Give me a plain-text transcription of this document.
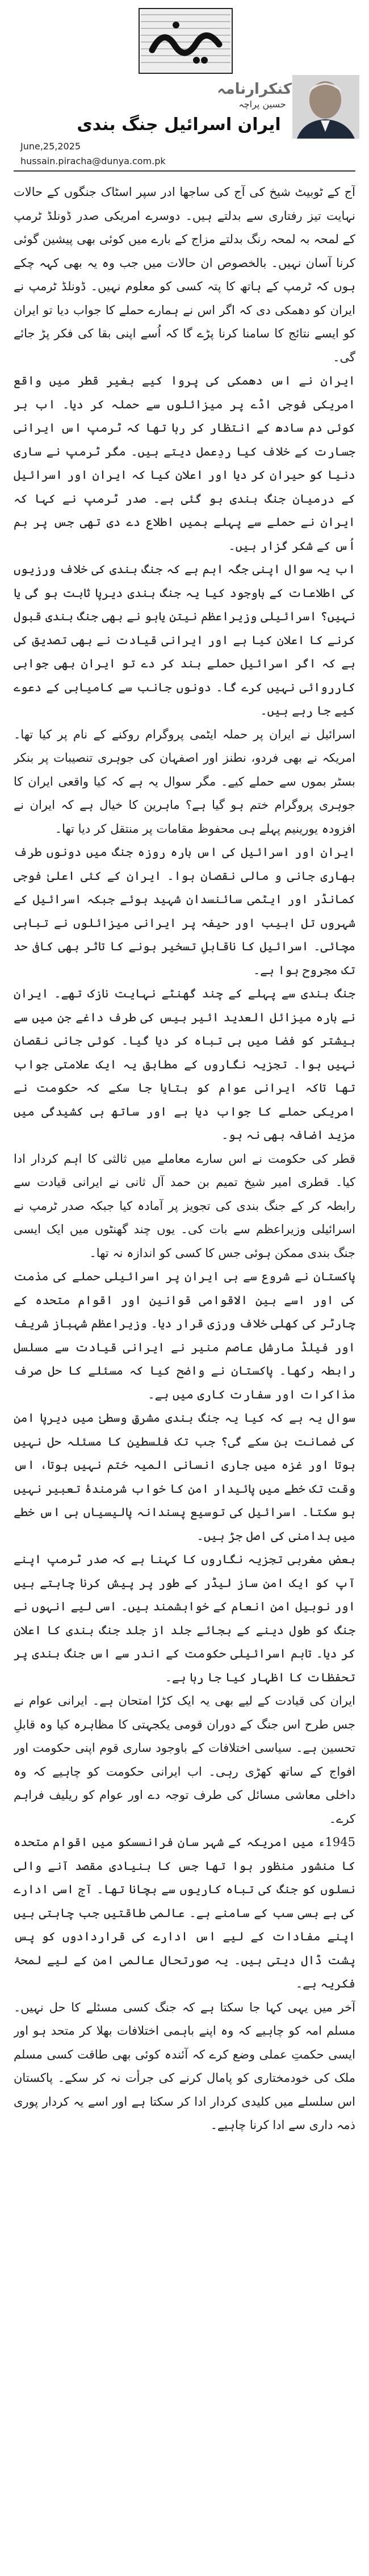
کنکرارنامہ
حسین پراچہ
ایران اسرائیل جنگ بندی
June,25,2025
hussain.piracha@dunya.com.pk

آج کے ٹوبیٹ شیخ کی آج کی ساجھا ادر سپر اسٹاک جنگوں کے حالات نہایت تیز رفتاری سے بدلتے ہیں۔ دوسرے امریکی صدر ڈونلڈ ٹرمپ کے لمحہ بہ لمحہ رنگ بدلتے مزاج کے بارے میں کوئی بھی پیشین گوئی کرنا آسان نہیں۔ بالخصوص ان حالات میں جب وہ یہ بھی کہہ چکے ہوں کہ ٹرمپ کے ہاتھ کا پتہ کسی کو معلوم نہیں۔ ڈونلڈ ٹرمپ نے ایران کو دھمکی دی کہ اگر اس نے ہمارے حملے کا جواب دیا تو ایران کو ایسے نتائج کا سامنا کرنا پڑے گا کہ اُسے اپنی بقا کی فکر پڑ جائے گی۔

ایران نے اس دھمکی کی پروا کیے بغیر قطر میں واقع امریکی فوجی اڈے پر میزائلوں سے حملہ کر دیا۔ اب ہر کوئی دم سادھ کے انتظار کر رہا تھا کہ ٹرمپ اس ایرانی جسارت کے خلاف کیا ردِعمل دیتے ہیں۔ مگر ٹرمپ نے ساری دنیا کو حیران کر دیا اور اعلان کیا کہ ایران اور اسرائیل کے درمیان جنگ بندی ہو گئی ہے۔ صدر ٹرمپ نے کہا کہ ایران نے حملے سے پہلے ہمیں اطلاع دے دی تھی جس پر ہم اُس کے شکر گزار ہیں۔

اب یہ سوال اپنی جگہ اہم ہے کہ جنگ بندی کی خلاف ورزیوں کی اطلاعات کے باوجود کیا یہ جنگ بندی دیرپا ثابت ہو گی یا نہیں؟ اسرائیلی وزیراعظم نیتن یاہو نے بھی جنگ بندی قبول کرنے کا اعلان کیا ہے اور ایرانی قیادت نے بھی تصدیق کی ہے کہ اگر اسرائیل حملے بند کر دے تو ایران بھی جوابی کارروائی نہیں کرے گا۔ دونوں جانب سے کامیابی کے دعوے کیے جا رہے ہیں۔

اسرائیل نے ایران پر حملہ ایٹمی پروگرام روکنے کے نام پر کیا تھا۔ امریکہ نے بھی فردو، نطنز اور اصفہان کی جوہری تنصیبات پر بنکر بسٹر بموں سے حملے کیے۔ مگر سوال یہ ہے کہ کیا واقعی ایران کا جوہری پروگرام ختم ہو گیا ہے؟ ماہرین کا خیال ہے کہ ایران نے افزودہ یورینیم پہلے ہی محفوظ مقامات پر منتقل کر دیا تھا۔

ایران اور اسرائیل کی اس بارہ روزہ جنگ میں دونوں طرف بھاری جانی و مالی نقصان ہوا۔ ایران کے کئی اعلیٰ فوجی کمانڈر اور ایٹمی سائنسدان شہید ہوئے جبکہ اسرائیل کے شہروں تل ابیب اور حیفہ پر ایرانی میزائلوں نے تباہی مچائی۔ اسرائیل کا ناقابلِ تسخیر ہونے کا تاثر بھی کافی حد تک مجروح ہوا ہے۔

جنگ بندی سے پہلے کے چند گھنٹے نہایت نازک تھے۔ ایران نے بارہ میزائل العدید ائیر بیس کی طرف داغے جن میں سے بیشتر کو فضا میں ہی تباہ کر دیا گیا۔ کوئی جانی نقصان نہیں ہوا۔ تجزیہ نگاروں کے مطابق یہ ایک علامتی جواب تھا تاکہ ایرانی عوام کو بتایا جا سکے کہ حکومت نے امریکی حملے کا جواب دیا ہے اور ساتھ ہی کشیدگی میں مزید اضافہ بھی نہ ہو۔

قطر کی حکومت نے اس سارے معاملے میں ثالثی کا اہم کردار ادا کیا۔ قطری امیر شیخ تمیم بن حمد آل ثانی نے ایرانی قیادت سے رابطہ کر کے جنگ بندی کی تجویز پر آمادہ کیا جبکہ صدر ٹرمپ نے اسرائیلی وزیراعظم سے بات کی۔ یوں چند گھنٹوں میں ایک ایسی جنگ بندی ممکن ہوئی جس کا کسی کو اندازہ نہ تھا۔

پاکستان نے شروع سے ہی ایران پر اسرائیلی حملے کی مذمت کی اور اسے بین الاقوامی قوانین اور اقوام متحدہ کے چارٹر کی کھلی خلاف ورزی قرار دیا۔ وزیراعظم شہباز شریف اور فیلڈ مارشل عاصم منیر نے ایرانی قیادت سے مسلسل رابطہ رکھا۔ پاکستان نے واضح کیا کہ مسئلے کا حل صرف مذاکرات اور سفارت کاری میں ہے۔

سوال یہ ہے کہ کیا یہ جنگ بندی مشرقِ وسطیٰ میں دیرپا امن کی ضمانت بن سکے گی؟ جب تک فلسطین کا مسئلہ حل نہیں ہوتا اور غزہ میں جاری انسانی المیہ ختم نہیں ہوتا، اس وقت تک خطے میں پائیدار امن کا خواب شرمندۂ تعبیر نہیں ہو سکتا۔ اسرائیل کی توسیع پسندانہ پالیسیاں ہی اس خطے میں بدامنی کی اصل جڑ ہیں۔

بعض مغربی تجزیہ نگاروں کا کہنا ہے کہ صدر ٹرمپ اپنے آپ کو ایک امن ساز لیڈر کے طور پر پیش کرنا چاہتے ہیں اور نوبیل امن انعام کے خواہشمند ہیں۔ اسی لیے انہوں نے جنگ کو طول دینے کے بجائے جلد از جلد جنگ بندی کا اعلان کر دیا۔ تاہم اسرائیلی حکومت کے اندر سے اس جنگ بندی پر تحفظات کا اظہار کیا جا رہا ہے۔

ایران کی قیادت کے لیے بھی یہ ایک کڑا امتحان ہے۔ ایرانی عوام نے جس طرح اس جنگ کے دوران قومی یکجہتی کا مظاہرہ کیا وہ قابلِ تحسین ہے۔ سیاسی اختلافات کے باوجود ساری قوم اپنی حکومت اور افواج کے ساتھ کھڑی رہی۔ اب ایرانی حکومت کو چاہیے کہ وہ داخلی معاشی مسائل کی طرف توجہ دے اور عوام کو ریلیف فراہم کرے۔

1945ء میں امریکہ کے شہر سان فرانسسکو میں اقوام متحدہ کا منشور منظور ہوا تھا جس کا بنیادی مقصد آنے والی نسلوں کو جنگ کی تباہ کاریوں سے بچانا تھا۔ آج اسی ادارے کی بے بسی سب کے سامنے ہے۔ عالمی طاقتیں جب چاہتی ہیں اپنے مفادات کے لیے اس ادارے کی قراردادوں کو پس پشت ڈال دیتی ہیں۔ یہ صورتحال عالمی امن کے لیے لمحۂ فکریہ ہے۔

آخر میں یہی کہا جا سکتا ہے کہ جنگ کسی مسئلے کا حل نہیں۔ مسلم امہ کو چاہیے کہ وہ اپنے باہمی اختلافات بھلا کر متحد ہو اور ایسی حکمتِ عملی وضع کرے کہ آئندہ کوئی بھی طاقت کسی مسلم ملک کی خودمختاری کو پامال کرنے کی جرأت نہ کر سکے۔ پاکستان اس سلسلے میں کلیدی کردار ادا کر سکتا ہے اور اسے یہ کردار پوری ذمہ داری سے ادا کرنا چاہیے۔
